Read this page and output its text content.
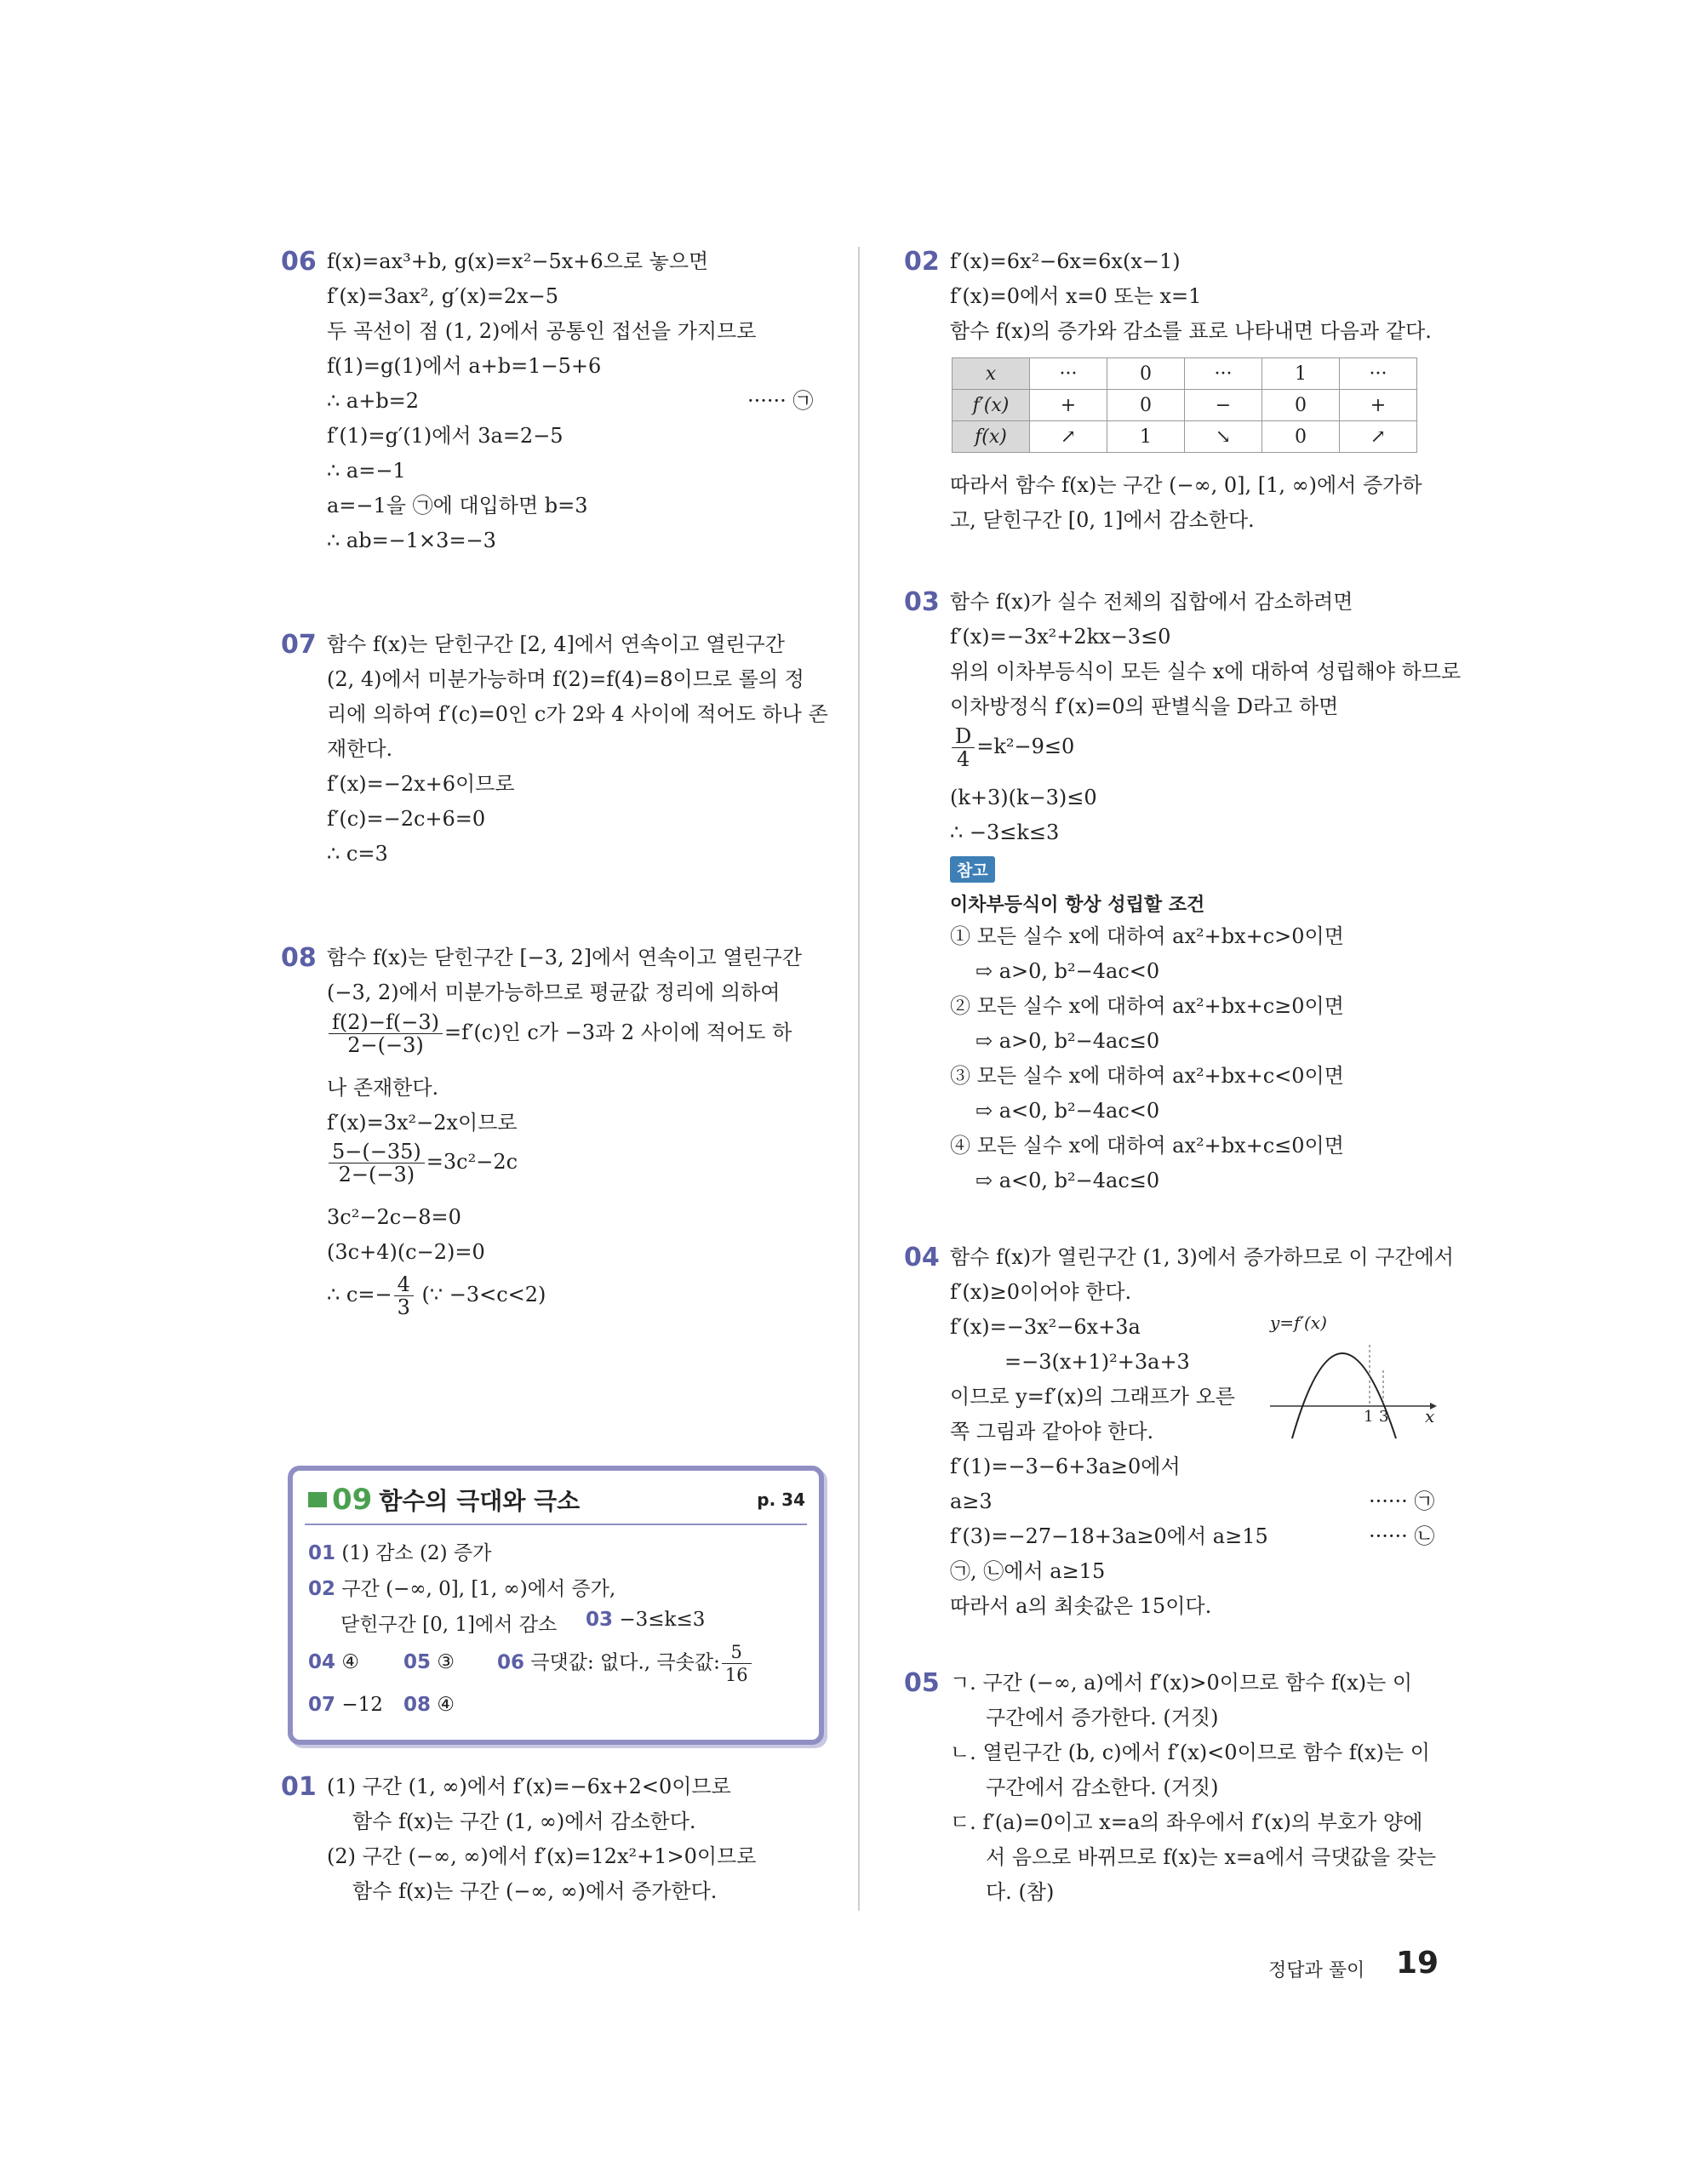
06 f(x)=ax³+b, g(x)=x²−5x+6으로 놓으면
f′(x)=3ax², g′(x)=2x−5
두 곡선이 점 (1, 2)에서 공통인 접선을 가지므로
f(1)=g(1)에서 a+b=1−5+6
∴ a+b=2	······ ㉠
f′(1)=g′(1)에서 3a=2−5
∴ a=−1
a=−1을 ㉠에 대입하면 b=3
∴ ab=−1×3=−3
07 함수 f(x)는 닫힌구간 [2, 4]에서 연속이고 열린구간
(2, 4)에서 미분가능하며 f(2)=f(4)=8이므로 롤의 정
리에 의하여 f′(c)=0인 c가 2와 4 사이에 적어도 하나 존
재한다.
f′(x)=−2x+6이므로
f′(c)=−2c+6=0
∴ c=3
08 함수 f(x)는 닫힌구간 [−3, 2]에서 연속이고 열린구간
(−3, 2)에서 미분가능하므로 평균값 정리에 의하여
$\frac{f(2)-f(-3)}{2-(-3)} =f'(c)$인 c가 −3과 2 사이에 적어도 하
나 존재한다.
f′(x)=3x²−2x이므로
$\frac{5-(-35)}{2-(-3)} =3c^2-2c$
3c²−2c−8=0
(3c+4)(c−2)=0
∴ $c=- \frac{4}{3}$ (∵ −3<c<2)
09 함수의 극대와 극소	p. 34
01 (1) 감소 (2) 증가
02 구간 (−∞, 0], [1, ∞)에서 증가,
닫힌구간 [0, 1]에서 감소 03 −3≤k≤3
04 ④ 05 ③ 06 극댓값: 없다., 극솟값: $\frac{5}{16}$
07 −12 08 ④
01 (1) 구간 (1, ∞)에서 f′(x)=−6x+2<0이므로
함수 f(x)는 구간 (1, ∞)에서 감소한다.
(2) 구간 (−∞, ∞)에서 f′(x)=12x²+1>0이므로
함수 f(x)는 구간 (−∞, ∞)에서 증가한다.
02 f′(x)=6x²−6x=6x(x−1)
f′(x)=0에서 x=0 또는 x=1
함수 f(x)의 증가와 감소를 표로 나타내면 다음과 같다.
x	···	0	···	1	···
f′(x)	+	0	−	0	+
f(x)	↗	1	↘	0	↗
따라서 함수 f(x)는 구간 (−∞, 0], [1, ∞)에서 증가하
고, 닫힌구간 [0, 1]에서 감소한다.
03 함수 f(x)가 실수 전체의 집합에서 감소하려면
f′(x)=−3x²+2kx−3≤0
위의 이차부등식이 모든 실수 x에 대하여 성립해야 하므로
이차방정식 f′(x)=0의 판별식을 D라고 하면
$\frac{D}{4} =k^2-9\le 0$
(k+3)(k−3)≤0
∴ −3≤k≤3
참고
이차부등식이 항상 성립할 조건
① 모든 실수 x에 대하여 ax²+bx+c>0이면
⇨ a>0, b²−4ac<0
② 모든 실수 x에 대하여 ax²+bx+c≥0이면
⇨ a>0, b²−4ac≤0
③ 모든 실수 x에 대하여 ax²+bx+c<0이면
⇨ a<0, b²−4ac<0
④ 모든 실수 x에 대하여 ax²+bx+c≤0이면
⇨ a<0, b²−4ac≤0
04 함수 f(x)가 열린구간 (1, 3)에서 증가하므로 이 구간에서
f′(x)≥0이어야 한다.
f′(x)=−3x²−6x+3a
=−3(x+1)²+3a+3
이므로 y=f′(x)의 그래프가 오른
쪽 그림과 같아야 한다.
f′(1)=−3−6+3a≥0에서
a≥3	······ ㉠
f′(3)=−27−18+3a≥0에서 a≥15	······ ㉡
㉠, ㉡에서 a≥15
따라서 a의 최솟값은 15이다.
y=f′(x)
x
1 3
05 ㄱ. 구간 (−∞, a)에서 f′(x)>0이므로 함수 f(x)는 이
구간에서 증가한다. (거짓)
ㄴ. 열린구간 (b, c)에서 f′(x)<0이므로 함수 f(x)는 이
구간에서 감소한다. (거짓)
ㄷ. f′(a)=0이고 x=a의 좌우에서 f′(x)의 부호가 양에
서 음으로 바뀌므로 f(x)는 x=a에서 극댓값을 갖는
다. (참)
정답과 풀이 19
